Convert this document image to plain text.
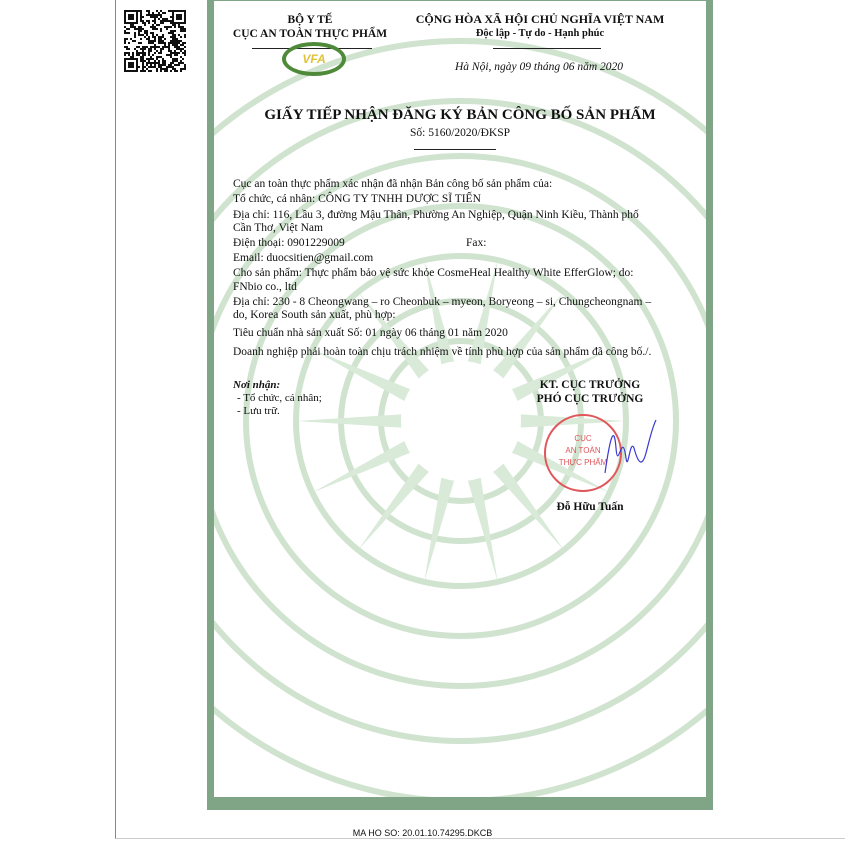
BỘ Y TẾ
CỤC AN TOÀN THỰC PHẨM
VFA
CỘNG HÒA XÃ HỘI CHỦ NGHĨA VIỆT NAM
Độc lập - Tự do - Hạnh phúc
Hà Nội, ngày 09 tháng 06 năm 2020
GIẤY TIẾP NHẬN ĐĂNG KÝ BẢN CÔNG BỐ SẢN PHẨM
Số: 5160/2020/ĐKSP
Cục an toàn thực phẩm xác nhận đã nhận Bản công bố sản phẩm của:
Tổ chức, cá nhân: CÔNG TY TNHH DƯỢC SĨ TIẾN
Địa chỉ: 116, Lầu 3, đường Mậu Thân, Phường An Nghiệp, Quận Ninh Kiều, Thành phố
Cần Thơ, Việt Nam
Điện thoại: 0901229009	Fax:
Email: duocsitien@gmail.com
Cho sản phẩm: Thực phẩm bảo vệ sức khỏe CosmeHeal Healthy White EfferGlow; do:
FNbio co., ltd
Địa chỉ: 230 - 8 Cheongwang – ro Cheonbuk – myeon, Boryeong – si, Chungcheongnam –
do, Korea South sản xuất, phù hợp:
Tiêu chuẩn nhà sản xuất Số: 01 ngày 06 tháng 01 năm 2020
Doanh nghiệp phải hoàn toàn chịu trách nhiệm về tính phù hợp của sản phẩm đã công bố./.
Nơi nhận:
- Tổ chức, cá nhân;
- Lưu trữ.
KT. CỤC TRƯỞNG
PHÓ CỤC TRƯỞNG
CỤC
AN TOÀN
THỰC PHẨM
Đỗ Hữu Tuấn
MA HO SO: 20.01.10.74295.DKCB
